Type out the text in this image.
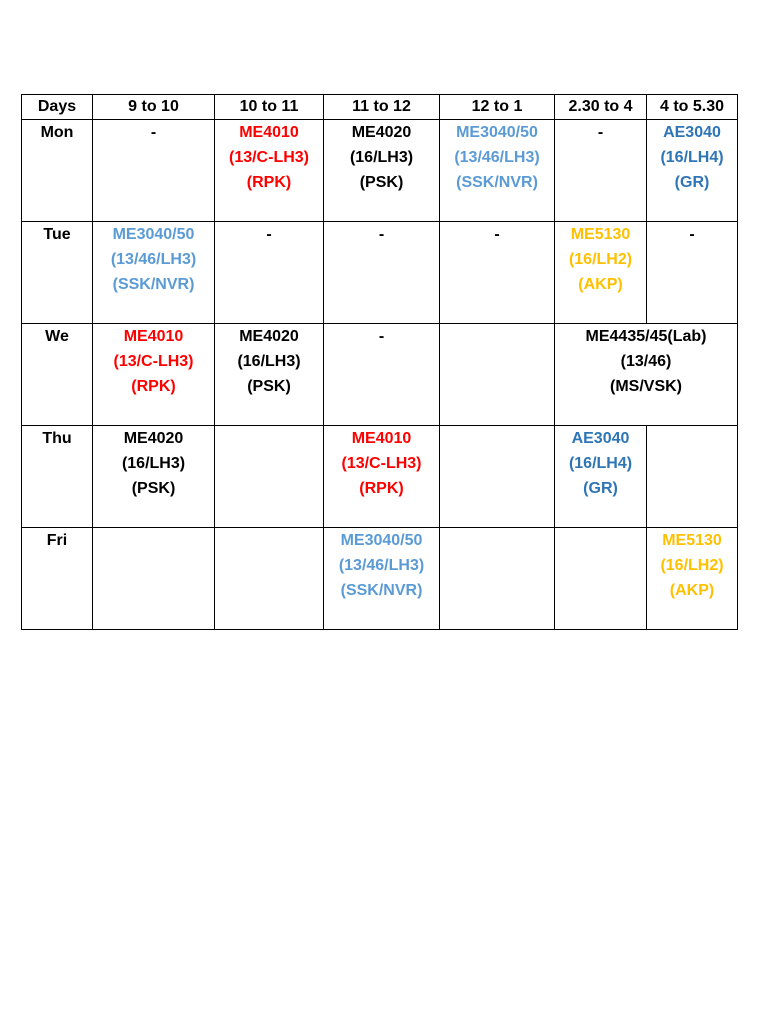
Days	9 to 10	10 to 11	11 to 12	12 to 1	2.30 to 4	4 to 5.30
Mon	-	ME4010
(13/C-LH3)
(RPK)	ME4020
(16/LH3)
(PSK)	ME3040/50
(13/46/LH3)
(SSK/NVR)	-	AE3040
(16/LH4)
(GR)

Tue	ME3040/50
(13/46/LH3)
(SSK/NVR)	-	-	-	ME5130
(16/LH2)
(AKP)	-

We	ME4010
(13/C-LH3)
(RPK)	ME4020
(16/LH3)
(PSK)	-		ME4435/45(Lab)
(13/46)
(MS/VSK)	

Thu	ME4020
(16/LH3)
(PSK)		ME4010
(13/C-LH3)
(RPK)		AE3040
(16/LH4)
(GR)	

Fri			ME3040/50
(13/46/LH3)
(SSK/NVR)			ME5130
(16/LH2)
(AKP)
